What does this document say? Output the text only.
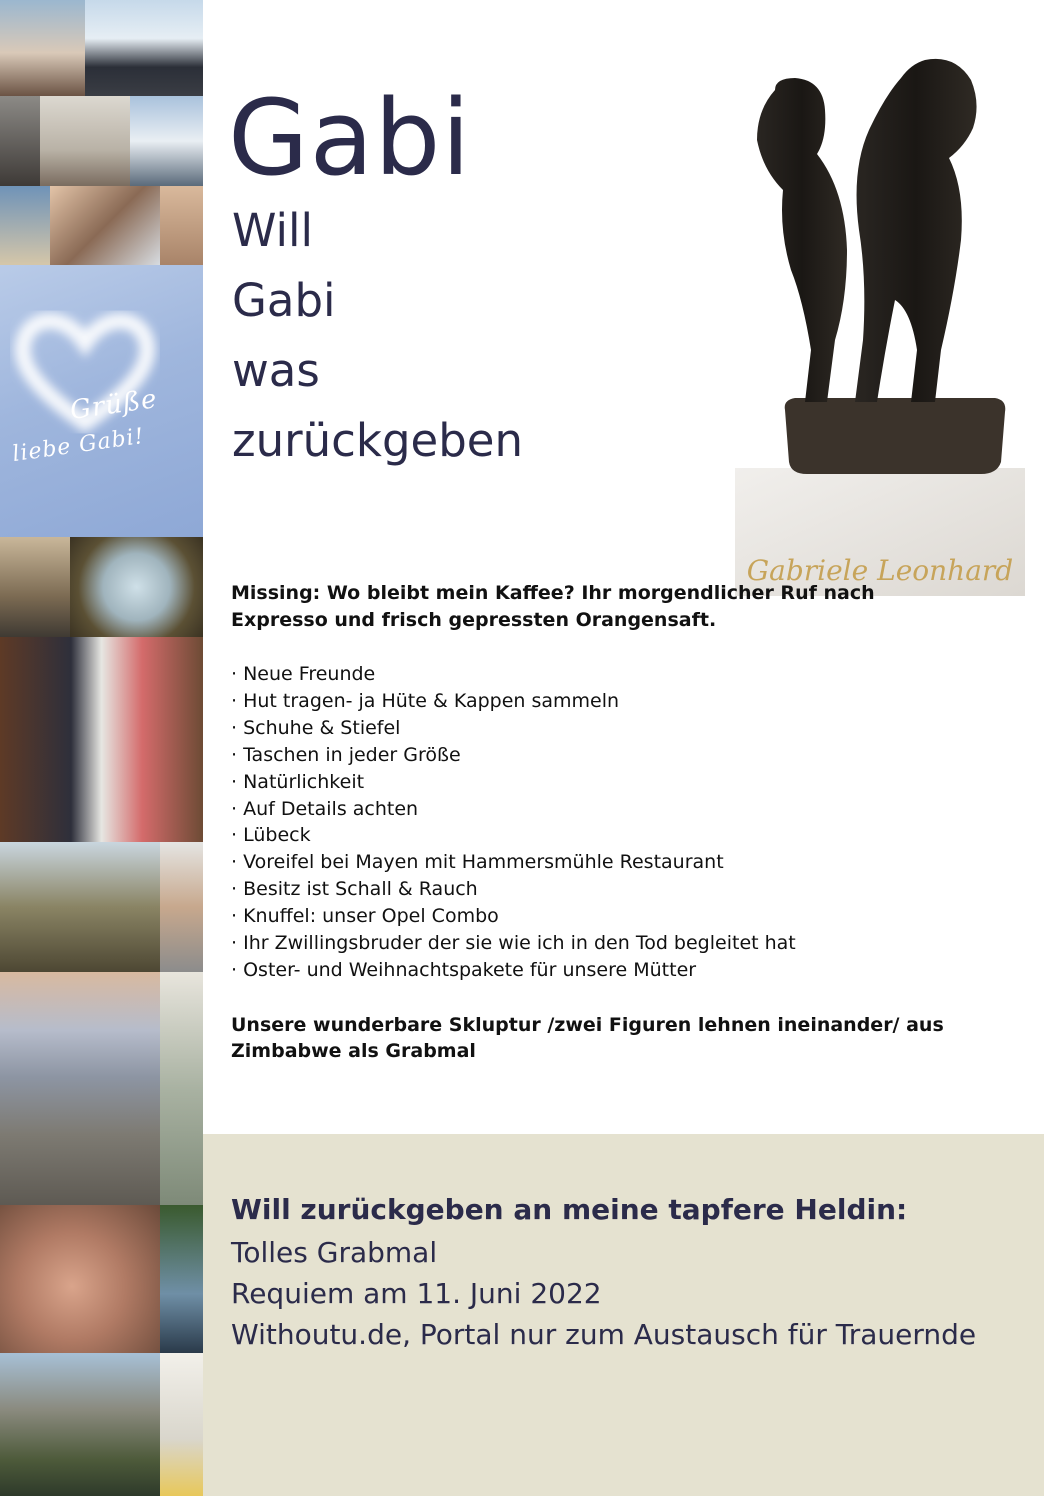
Grüße
liebe Gabi!
Gabi
Will
Gabi
was
zurückgeben
Gabriele Leonhard

Missing: Wo bleibt mein Kaffee? Ihr morgendlicher Ruf nach Expresso und frisch gepressten Orangensaft.

· Neue Freunde
· Hut tragen- ja Hüte & Kappen sammeln
· Schuhe & Stiefel
· Taschen in jeder Größe
· Natürlichkeit
· Auf Details achten
· Lübeck
· Voreifel bei Mayen mit Hammersmühle Restaurant
· Besitz ist Schall & Rauch
· Knuffel: unser Opel Combo
· Ihr Zwillingsbruder der sie wie ich in den Tod begleitet hat
· Oster- und Weihnachtspakete für unsere Mütter

Unsere wunderbare Skluptur /zwei Figuren lehnen ineinander/ aus Zimbabwe als Grabmal

Will zurückgeben an meine tapfere Heldin:

Tolles Grabmal
Requiem am 11. Juni 2022
Withoutu.de, Portal nur zum Austausch für Trauernde
